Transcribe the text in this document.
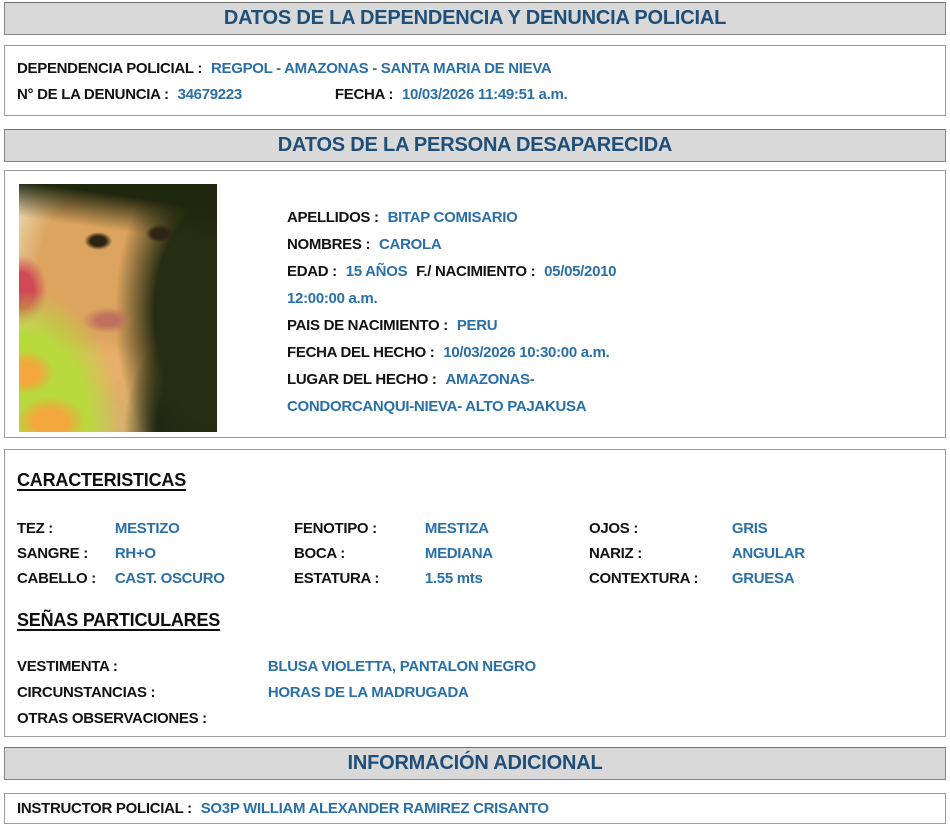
DATOS DE LA DEPENDENCIA Y DENUNCIA POLICIAL

DEPENDENCIA POLICIAL : REGPOL - AMAZONAS - SANTA MARIA DE NIEVA

N° DE LA DENUNCIA : 34679223	FECHA : 10/03/2026 11:49:51 a.m.

DATOS DE LA PERSONA DESAPARECIDA

APELLIDOS : BITAP COMISARIO

NOMBRES : CAROLA

EDAD : 15 AÑOS F./ NACIMIENTO : 05/05/2010 12:00:00 a.m.

PAIS DE NACIMIENTO : PERU

FECHA DEL HECHO : 10/03/2026 10:30:00 a.m.

LUGAR DEL HECHO : AMAZONAS- CONDORCANQUI-NIEVA- ALTO PAJAKUSA

CARACTERISTICAS
TEZ :	MESTIZO	FENOTIPO :	MESTIZA	OJOS :	GRIS
SANGRE : RH+O	BOCA :	MEDIANA	NARIZ :	ANGULAR
CABELLO : CAST. OSCURO	ESTATURA :	1.55 mts	CONTEXTURA : GRUESA
SEÑAS PARTICULARES

VESTIMENTA :	BLUSA VIOLETTA, PANTALON NEGRO

CIRCUNSTANCIAS :	HORAS DE LA MADRUGADA

OTRAS OBSERVACIONES :

INFORMACIÓN ADICIONAL
INSTRUCTOR POLICIAL : SO3P WILLIAM ALEXANDER RAMIREZ CRISANTO
